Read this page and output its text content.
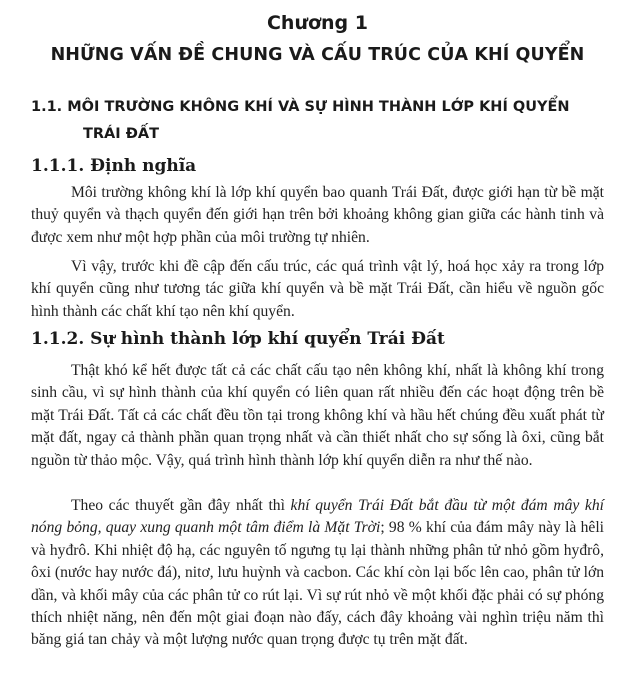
Chương 1
NHỮNG VẤN ĐỀ CHUNG VÀ CẤU TRÚC CỦA KHÍ QUYỂN
1.1. MÔI TRƯỜNG KHÔNG KHÍ VÀ SỰ HÌNH THÀNH LỚP KHÍ QUYỂN
TRÁI ĐẤT
1.1.1. Định nghĩa

Môi trường không khí là lớp khí quyển bao quanh Trái Đất, được giới hạn từ bề mặt thuỷ quyển và thạch quyển đến giới hạn trên bởi khoảng không gian giữa các hành tinh và được xem như một hợp phần của môi trường tự nhiên.

Vì vậy, trước khi đề cập đến cấu trúc, các quá trình vật lý, hoá học xảy ra trong lớp khí quyển cũng như tương tác giữa khí quyển và bề mặt Trái Đất, cần hiểu về nguồn gốc hình thành các chất khí tạo nên khí quyển.

1.1.2. Sự hình thành lớp khí quyển Trái Đất

Thật khó kể hết được tất cả các chất cấu tạo nên không khí, nhất là không khí trong sinh cầu, vì sự hình thành của khí quyển có liên quan rất nhiều đến các hoạt động trên bề mặt Trái Đất. Tất cả các chất đều tồn tại trong không khí và hầu hết chúng đều xuất phát từ mặt đất, ngay cả thành phần quan trọng nhất và cần thiết nhất cho sự sống là ôxi, cũng bắt nguồn từ thảo mộc. Vậy, quá trình hình thành lớp khí quyển diễn ra như thế nào.

Theo các thuyết gần đây nhất thì khí quyển Trái Đất bắt đầu từ một đám mây khí nóng bỏng, quay xung quanh một tâm điểm là Mặt Trời; 98 % khí của đám mây này là hêli và hyđrô. Khi nhiệt độ hạ, các nguyên tố ngưng tụ lại thành những phân tử nhỏ gồm hyđrô, ôxi (nước hay nước đá), nitơ, lưu huỳnh và cacbon. Các khí còn lại bốc lên cao, phân tử lớn dần, và khối mây của các phân tử co rút lại. Vì sự rút nhỏ về một khối đặc phải có sự phóng thích nhiệt năng, nên đến một giai đoạn nào đấy, cách đây khoảng vài nghìn triệu năm thì băng giá tan chảy và một lượng nước quan trọng được tụ trên mặt đất.
